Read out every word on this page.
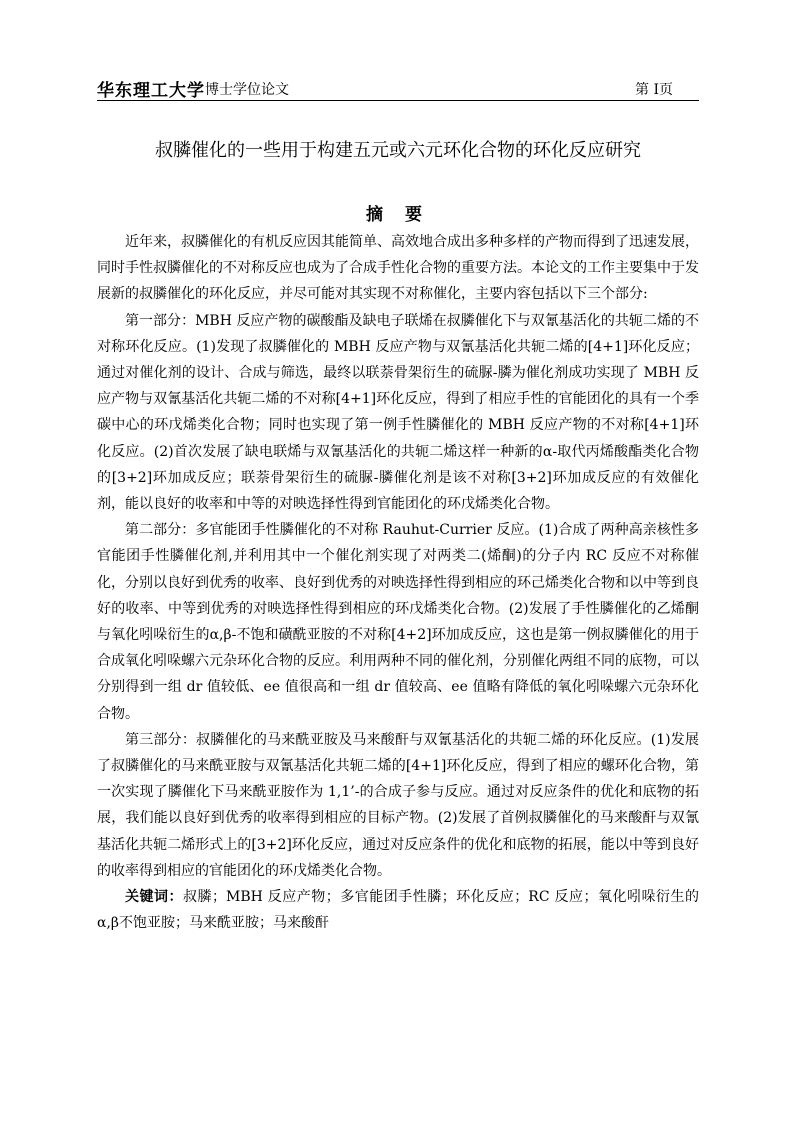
华东理工大学 博士学位论文	第 I页
叔膦催化的一些用于构建五元或六元环化合物的环化反应研究
摘 要

近年来，叔膦催化的有机反应因其能简单、高效地合成出多种多样的产物而得到了迅速发展，同时手性叔膦催化的不对称反应也成为了合成手性化合物的重要方法。本论文的工作主要集中于发展新的叔膦催化的环化反应，并尽可能对其实现不对称催化，主要内容包括以下三个部分:

第一部分：MBH 反应产物的碳酸酯及缺电子联烯在叔膦催化下与双氰基活化的共轭二烯的不对称环化反应。(1)发现了叔膦催化的 MBH 反应产物与双氰基活化共轭二烯的[4+1]环化反应；通过对催化剂的设计、合成与筛选，最终以联萘骨架衍生的硫脲-膦为催化剂成功实现了 MBH 反应产物与双氰基活化共轭二烯的不对称[4+1]环化反应，得到了相应手性的官能团化的具有一个季碳中心的环戊烯类化合物；同时也实现了第一例手性膦催化的 MBH 反应产物的不对称[4+1]环化反应。(2)首次发展了缺电联烯与双氰基活化的共轭二烯这样一种新的α-取代丙烯酸酯类化合物的[3+2]环加成反应；联萘骨架衍生的硫脲-膦催化剂是该不对称[3+2]环加成反应的有效催化剂，能以良好的收率和中等的对映选择性得到官能团化的环戊烯类化合物。

第二部分：多官能团手性膦催化的不对称 Rauhut-Currier 反应。(1)合成了两种高亲核性多官能团手性膦催化剂,并利用其中一个催化剂实现了对两类二(烯酮)的分子内 RC 反应不对称催化，分别以良好到优秀的收率、良好到优秀的对映选择性得到相应的环己烯类化合物和以中等到良好的收率、中等到优秀的对映选择性得到相应的环戊烯类化合物。(2)发展了手性膦催化的乙烯酮与氧化吲哚衍生的α,β-不饱和磺酰亚胺的不对称[4+2]环加成反应，这也是第一例叔膦催化的用于合成氧化吲哚螺六元杂环化合物的反应。利用两种不同的催化剂，分别催化两组不同的底物，可以分别得到一组 dr 值较低、ee 值很高和一组 dr 值较高、ee 值略有降低的氧化吲哚螺六元杂环化合物。

第三部分：叔膦催化的马来酰亚胺及马来酸酐与双氰基活化的共轭二烯的环化反应。(1)发展了叔膦催化的马来酰亚胺与双氰基活化共轭二烯的[4+1]环化反应，得到了相应的螺环化合物，第一次实现了膦催化下马来酰亚胺作为 1,1’-的合成子参与反应。通过对反应条件的优化和底物的拓展，我们能以良好到优秀的收率得到相应的目标产物。(2)发展了首例叔膦催化的马来酸酐与双氰基活化共轭二烯形式上的[3+2]环化反应，通过对反应条件的优化和底物的拓展，能以中等到良好的收率得到相应的官能团化的环戊烯类化合物。

关键词：叔膦；MBH 反应产物；多官能团手性膦；环化反应；RC 反应；氧化吲哚衍生的α,β不饱亚胺；马来酰亚胺；马来酸酐
